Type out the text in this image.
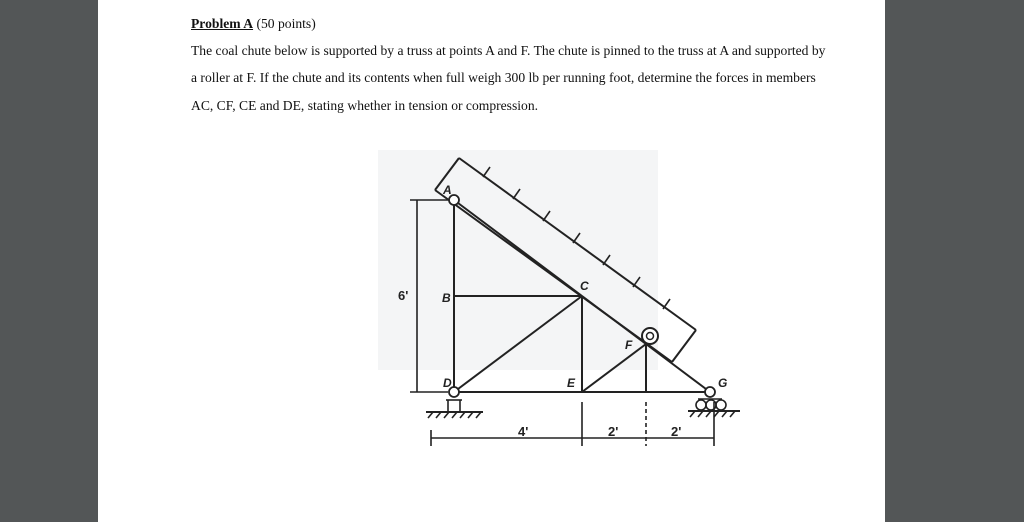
Problem A (50 points)

The coal chute below is supported by a truss at points A and F. The chute is pinned to the truss at A and supported by a roller at F. If the chute and its contents when full weigh 300 lb per running foot, determine the forces in members AC, CF, CE and DE, stating whether in tension or compression.

A
B
C
D	E
F
G
6'
4'	2'	2'
